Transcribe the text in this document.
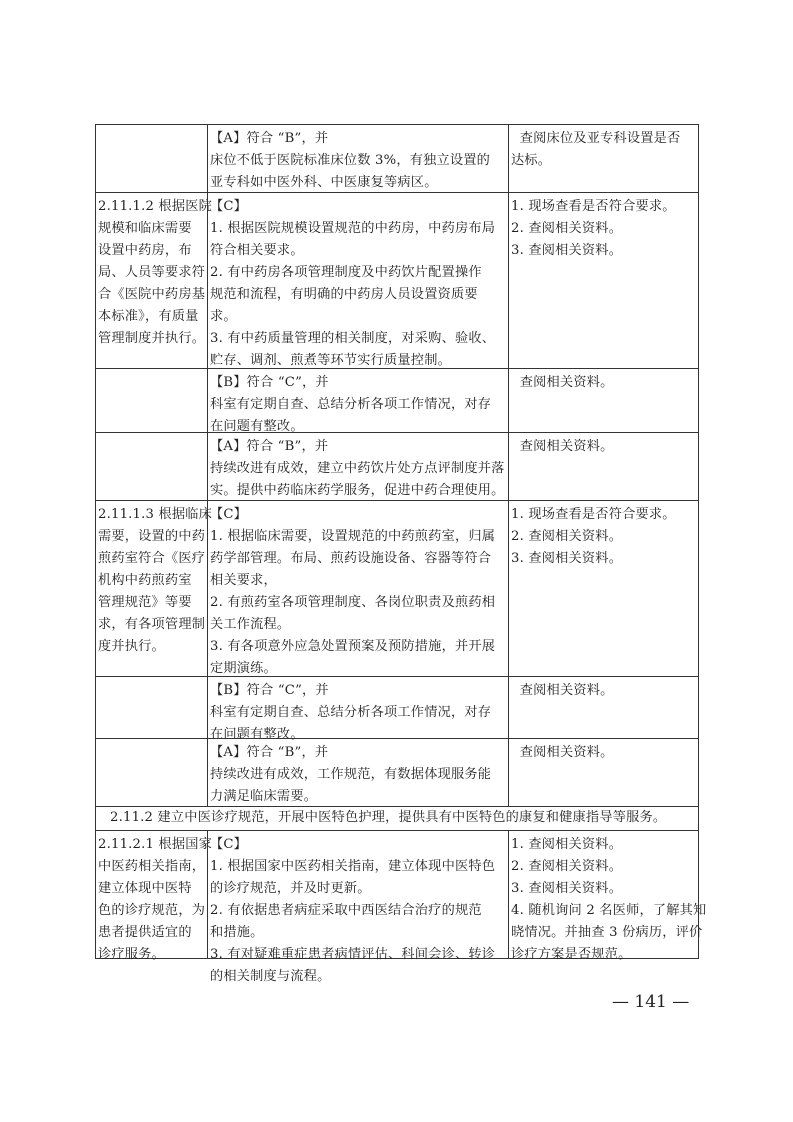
【A】符合 “B”，并
床位不低于医院标准床位数 3%，有独立设置的
亚专科如中医外科、中医康复等病区。
查阅床位及亚专科设置是否
达标。
2.11.1.2 根据医院
规模和临床需要
设置中药房，布
局、人员等要求符
合《医院中药房基
本标准》，有质量
管理制度并执行。
【C】
1. 根据医院规模设置规范的中药房，中药房布局
符合相关要求。
2. 有中药房各项管理制度及中药饮片配置操作
规范和流程，有明确的中药房人员设置资质要
求。
3. 有中药质量管理的相关制度，对采购、验收、
贮存、调剂、煎煮等环节实行质量控制。
1. 现场查看是否符合要求。
2. 查阅相关资料。
3. 查阅相关资料。
【B】符合 “C”，并
科室有定期自查、总结分析各项工作情况，对存
在问题有整改。
查阅相关资料。
【A】符合 “B”，并
持续改进有成效，建立中药饮片处方点评制度并落
实。提供中药临床药学服务，促进中药合理使用。
查阅相关资料。
2.11.1.3 根据临床
需要，设置的中药
煎药室符合《医疗
机构中药煎药室
管理规范》等要
求，有各项管理制
度并执行。
【C】
1. 根据临床需要，设置规范的中药煎药室，归属
药学部管理。布局、煎药设施设备、容器等符合
相关要求，
2. 有煎药室各项管理制度、各岗位职责及煎药相
关工作流程。
3. 有各项意外应急处置预案及预防措施，并开展
定期演练。
1. 现场查看是否符合要求。
2. 查阅相关资料。
3. 查阅相关资料。
【B】符合 “C”，并
科室有定期自查、总结分析各项工作情况，对存
在问题有整改。
查阅相关资料。
【A】符合 “B”，并
持续改进有成效，工作规范，有数据体现服务能
力满足临床需要。
查阅相关资料。
2.11.2.1 根据国家
中医药相关指南，
建立体现中医特
色的诊疗规范，为
患者提供适宜的
诊疗服务。
【C】
1. 根据国家中医药相关指南，建立体现中医特色
的诊疗规范，并及时更新。
2. 有依据患者病症采取中西医结合治疗的规范
和措施。
3. 有对疑难重症患者病情评估、科间会诊、转诊
的相关制度与流程。
1. 查阅相关资料。
2. 查阅相关资料。
3. 查阅相关资料。
4. 随机询问 2 名医师，了解其知
晓情况。并抽查 3 份病历，评价
诊疗方案是否规范。
2.11.2 建立中医诊疗规范，开展中医特色护理，提供具有中医特色的康复和健康指导等服务。
— 141 —
